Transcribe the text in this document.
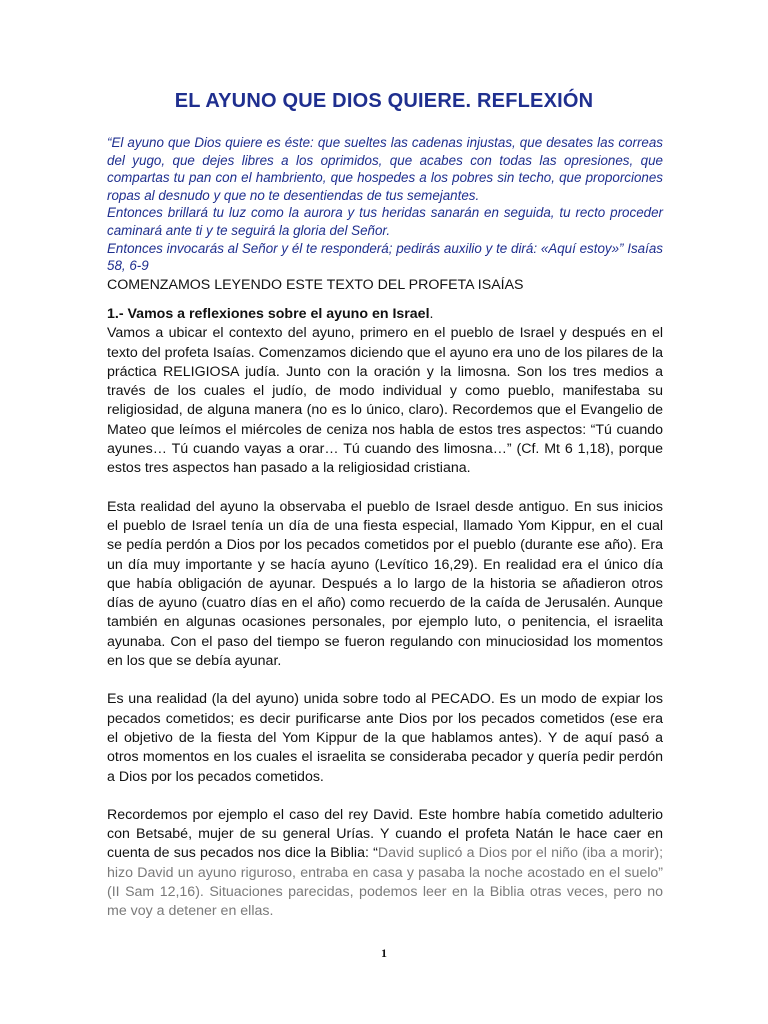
EL AYUNO QUE DIOS QUIERE. REFLEXIÓN

“El ayuno que Dios quiere es éste: que sueltes las cadenas injustas, que desates las correas del yugo, que dejes libres a los oprimidos, que acabes con todas las opresiones, que compartas tu pan con el hambriento, que hospedes a los pobres sin techo, que proporciones ropas al desnudo y que no te desentiendas de tus semejantes.

Entonces brillará tu luz como la aurora y tus heridas sanarán en seguida, tu recto proceder caminará ante ti y te seguirá la gloria del Señor.

Entonces invocarás al Señor y él te responderá; pedirás auxilio y te dirá: «Aquí estoy»” Isaías 58, 6-9

COMENZAMOS LEYENDO ESTE TEXTO DEL PROFETA ISAÍAS

1.- Vamos a reflexiones sobre el ayuno en Israel.

Vamos a ubicar el contexto del ayuno, primero en el pueblo de Israel y después en el texto del profeta Isaías. Comenzamos diciendo que el ayuno era uno de los pilares de la práctica RELIGIOSA judía. Junto con la oración y la limosna. Son los tres medios a través de los cuales el judío, de modo individual y como pueblo, manifestaba su religiosidad, de alguna manera (no es lo único, claro). Recordemos que el Evangelio de Mateo que leímos el miércoles de ceniza nos habla de estos tres aspectos: “Tú cuando ayunes… Tú cuando vayas a orar… Tú cuando des limosna…” (Cf. Mt 6 1,18), porque estos tres aspectos han pasado a la religiosidad cristiana.

Esta realidad del ayuno la observaba el pueblo de Israel desde antiguo. En sus inicios el pueblo de Israel tenía un día de una fiesta especial, llamado Yom Kippur, en el cual se pedía perdón a Dios por los pecados cometidos por el pueblo (durante ese año). Era un día muy importante y se hacía ayuno (Levítico 16,29). En realidad era el único día que había obligación de ayunar. Después a lo largo de la historia se añadieron otros días de ayuno (cuatro días en el año) como recuerdo de la caída de Jerusalén. Aunque también en algunas ocasiones personales, por ejemplo luto, o penitencia, el israelita ayunaba. Con el paso del tiempo se fueron regulando con minuciosidad los momentos en los que se debía ayunar.

Es una realidad (la del ayuno) unida sobre todo al PECADO. Es un modo de expiar los pecados cometidos; es decir purificarse ante Dios por los pecados cometidos (ese era el objetivo de la fiesta del Yom Kippur de la que hablamos antes). Y de aquí pasó a otros momentos en los cuales el israelita se consideraba pecador y quería pedir perdón a Dios por los pecados cometidos.

Recordemos por ejemplo el caso del rey David. Este hombre había cometido adulterio con Betsabé, mujer de su general Urías. Y cuando el profeta Natán le hace caer en cuenta de sus pecados nos dice la Biblia: “David suplicó a Dios por el niño (iba a morir); hizo David un ayuno riguroso, entraba en casa y pasaba la noche acostado en el suelo” (II Sam 12,16). Situaciones parecidas, podemos leer en la Biblia otras veces, pero no me voy a detener en ellas.

1
